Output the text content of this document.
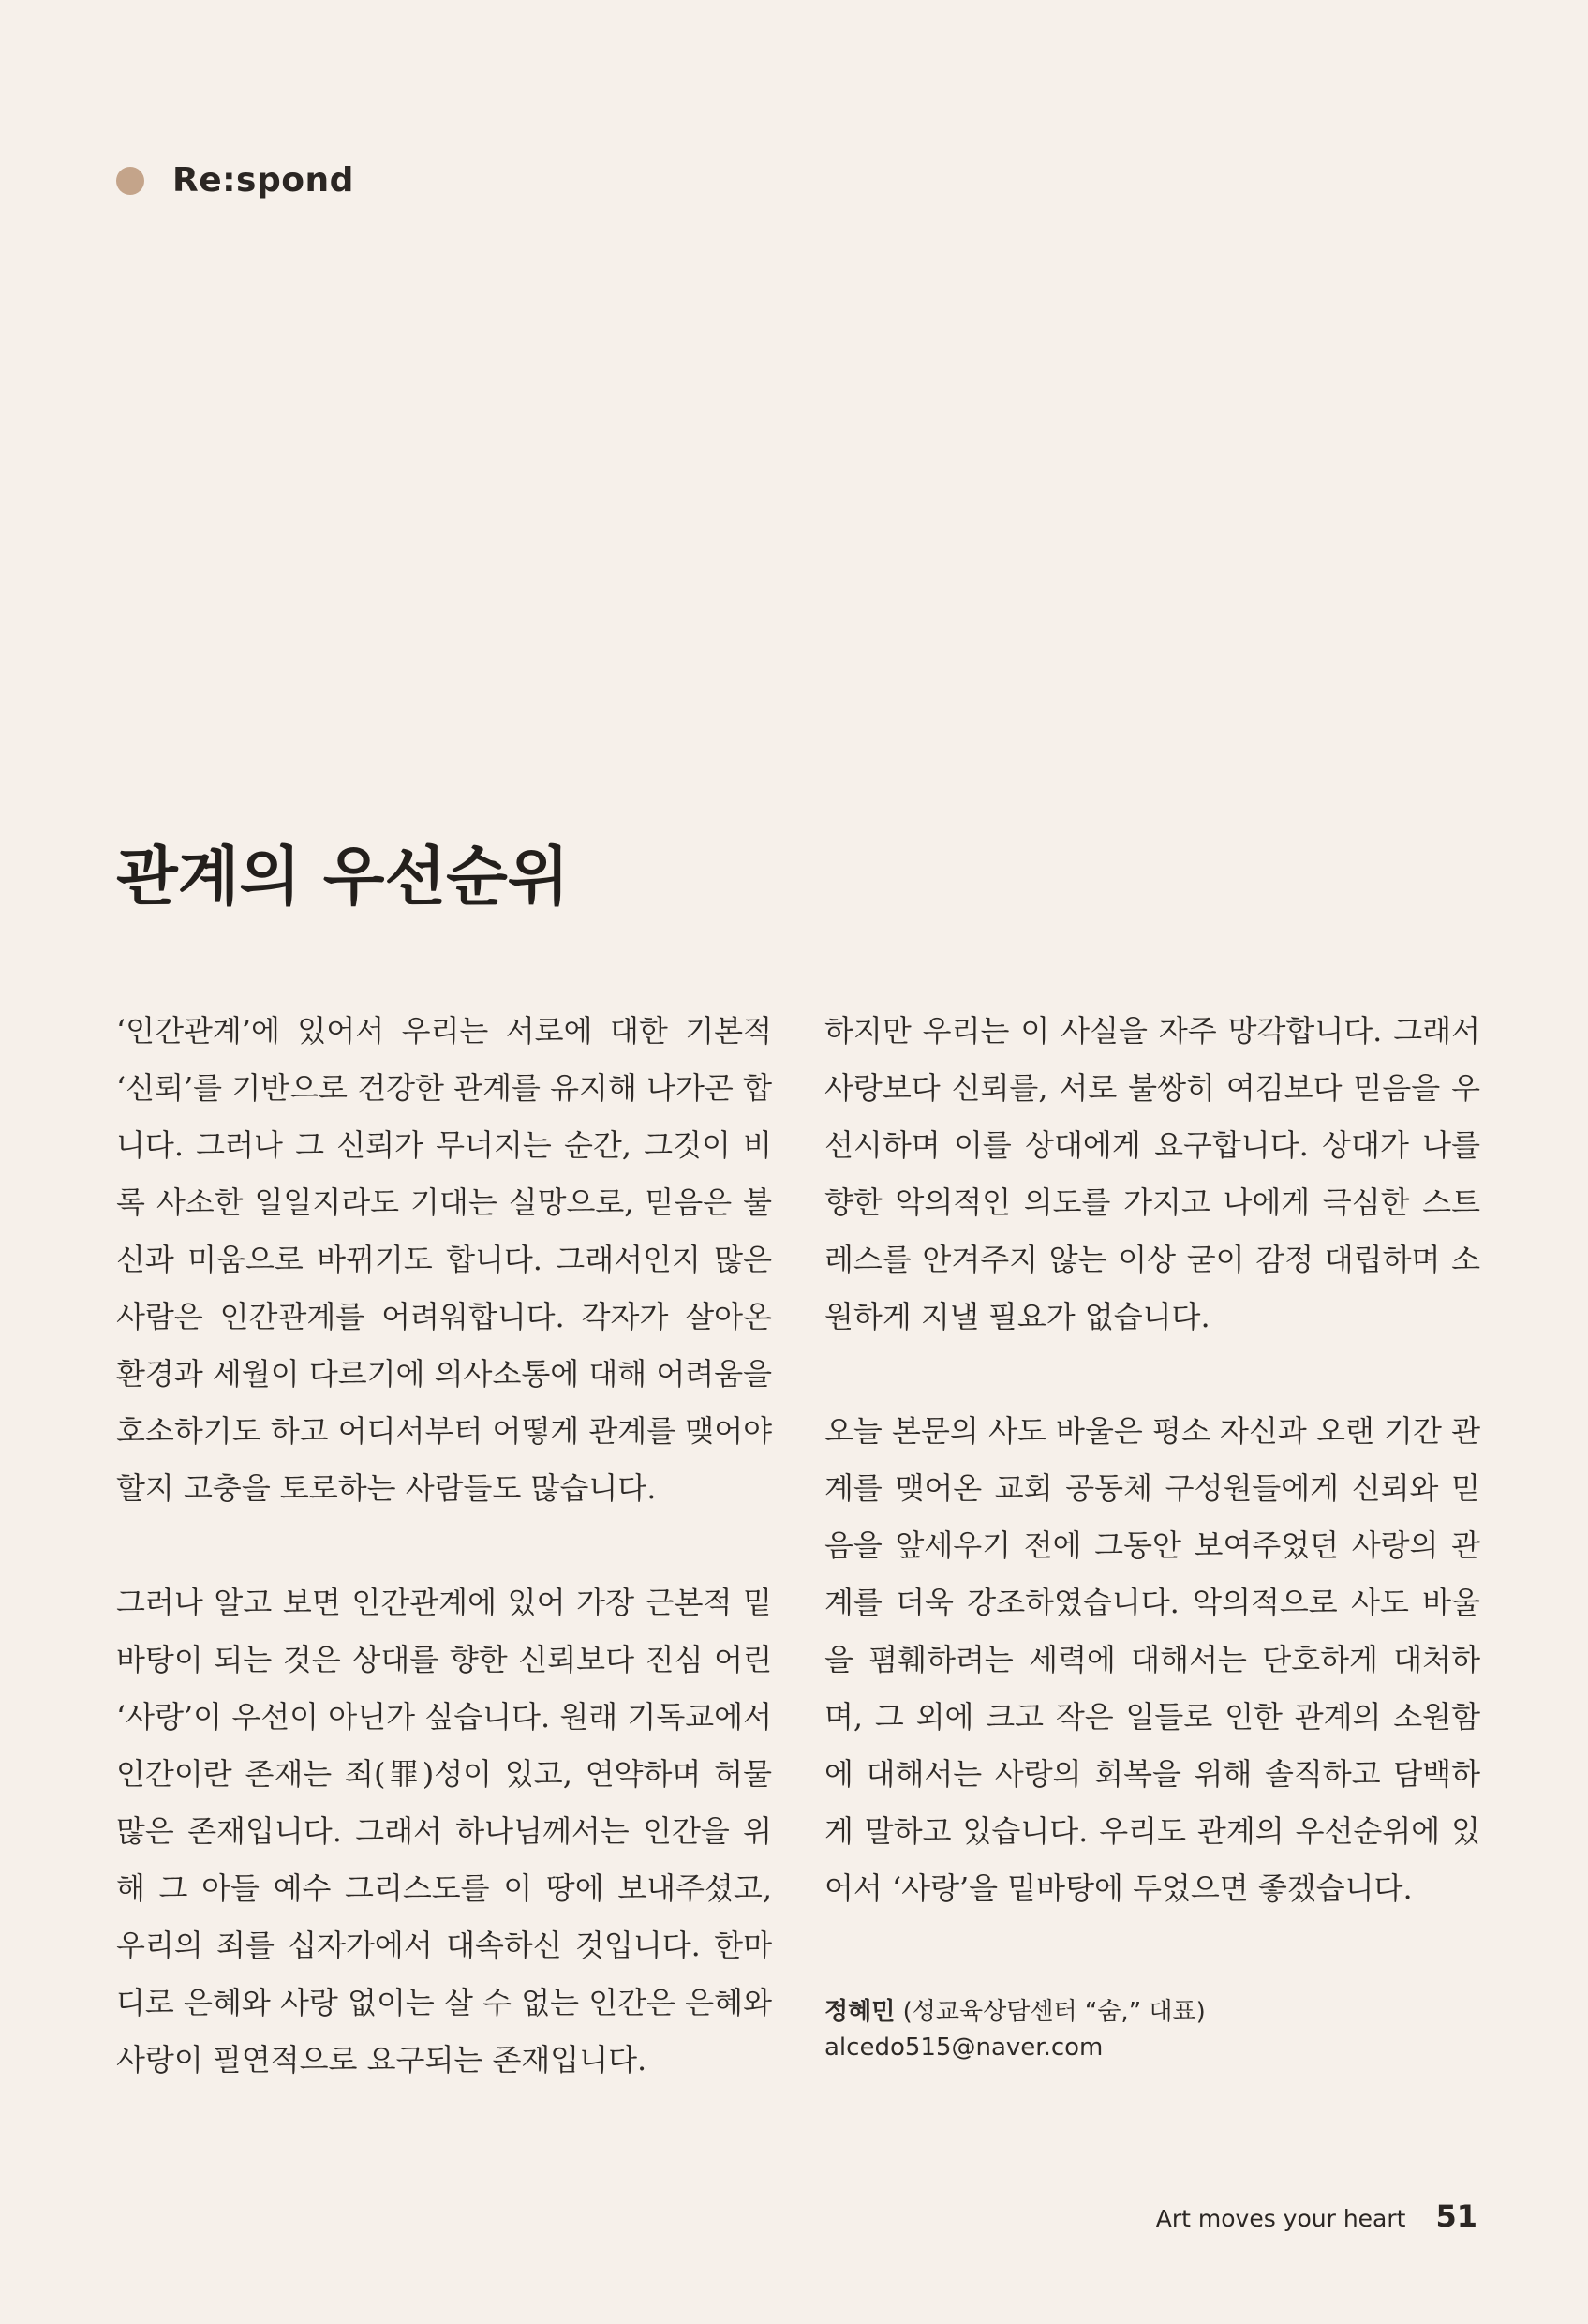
Re:spond
관계의 우선순위

‘인간관계’에 있어서 우리는 서로에 대한 기본적 ‘신뢰’를 기반으로 건강한 관계를 유지해 나가곤 합니다. 그러나 그 신뢰가 무너지는 순간, 그것이 비록 사소한 일일지라도 기대는 실망으로, 믿음은 불신과 미움으로 바뀌기도 합니다. 그래서인지 많은 사람은 인간관계를 어려워합니다. 각자가 살아온 환경과 세월이 다르기에 의사소통에 대해 어려움을 호소하기도 하고 어디서부터 어떻게 관계를 맺어야 할지 고충을 토로하는 사람들도 많습니다.

그러나 알고 보면 인간관계에 있어 가장 근본적 밑바탕이 되는 것은 상대를 향한 신뢰보다 진심 어린 ‘사랑’이 우선이 아닌가 싶습니다. 원래 기독교에서 인간이란 존재는 죄(罪)성이 있고, 연약하며 허물 많은 존재입니다. 그래서 하나님께서는 인간을 위해 그 아들 예수 그리스도를 이 땅에 보내주셨고, 우리의 죄를 십자가에서 대속하신 것입니다. 한마디로 은혜와 사랑 없이는 살 수 없는 인간은 은혜와 사랑이 필연적으로 요구되는 존재입니다.

하지만 우리는 이 사실을 자주 망각합니다. 그래서 사랑보다 신뢰를, 서로 불쌍히 여김보다 믿음을 우선시하며 이를 상대에게 요구합니다. 상대가 나를 향한 악의적인 의도를 가지고 나에게 극심한 스트레스를 안겨주지 않는 이상 굳이 감정 대립하며 소원하게 지낼 필요가 없습니다.

오늘 본문의 사도 바울은 평소 자신과 오랜 기간 관계를 맺어온 교회 공동체 구성원들에게 신뢰와 믿음을 앞세우기 전에 그동안 보여주었던 사랑의 관계를 더욱 강조하였습니다. 악의적으로 사도 바울을 폄훼하려는 세력에 대해서는 단호하게 대처하며, 그 외에 크고 작은 일들로 인한 관계의 소원함에 대해서는 사랑의 회복을 위해 솔직하고 담백하게 말하고 있습니다. 우리도 관계의 우선순위에 있어서 ‘사랑’을 밑바탕에 두었으면 좋겠습니다.

정혜민 (성교육상담센터 “숨,” 대표)
alcedo515@naver.com
Art moves your heart 51
